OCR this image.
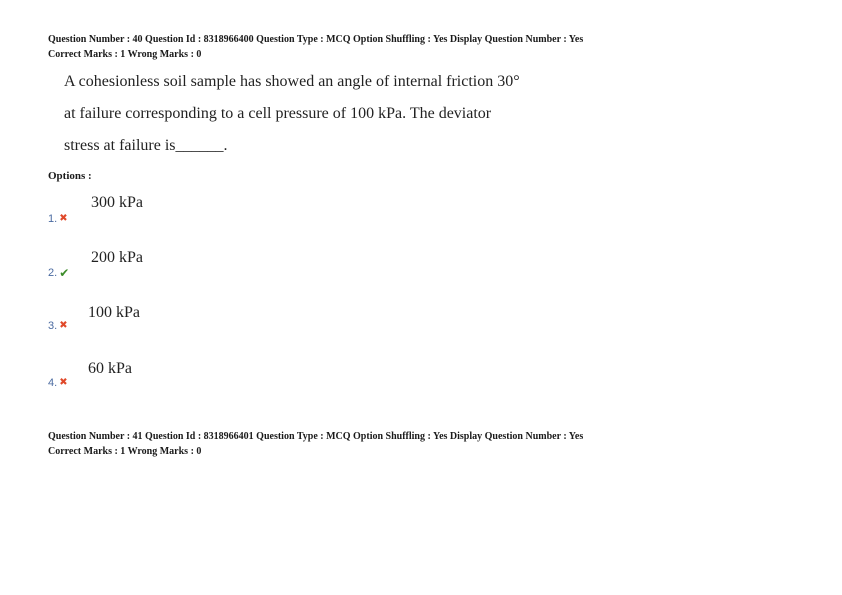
Question Number : 40 Question Id : 8318966400 Question Type : MCQ Option Shuffling : Yes Display Question Number : Yes
Correct Marks : 1 Wrong Marks : 0
A cohesionless soil sample has showed an angle of internal friction 30°
at failure corresponding to a cell pressure of 100 kPa. The deviator
stress at failure is______.
Options :
300 kPa
1. ✖
200 kPa
2. ✔
100 kPa
3. ✖
60 kPa
4. ✖
Question Number : 41 Question Id : 8318966401 Question Type : MCQ Option Shuffling : Yes Display Question Number : Yes
Correct Marks : 1 Wrong Marks : 0
